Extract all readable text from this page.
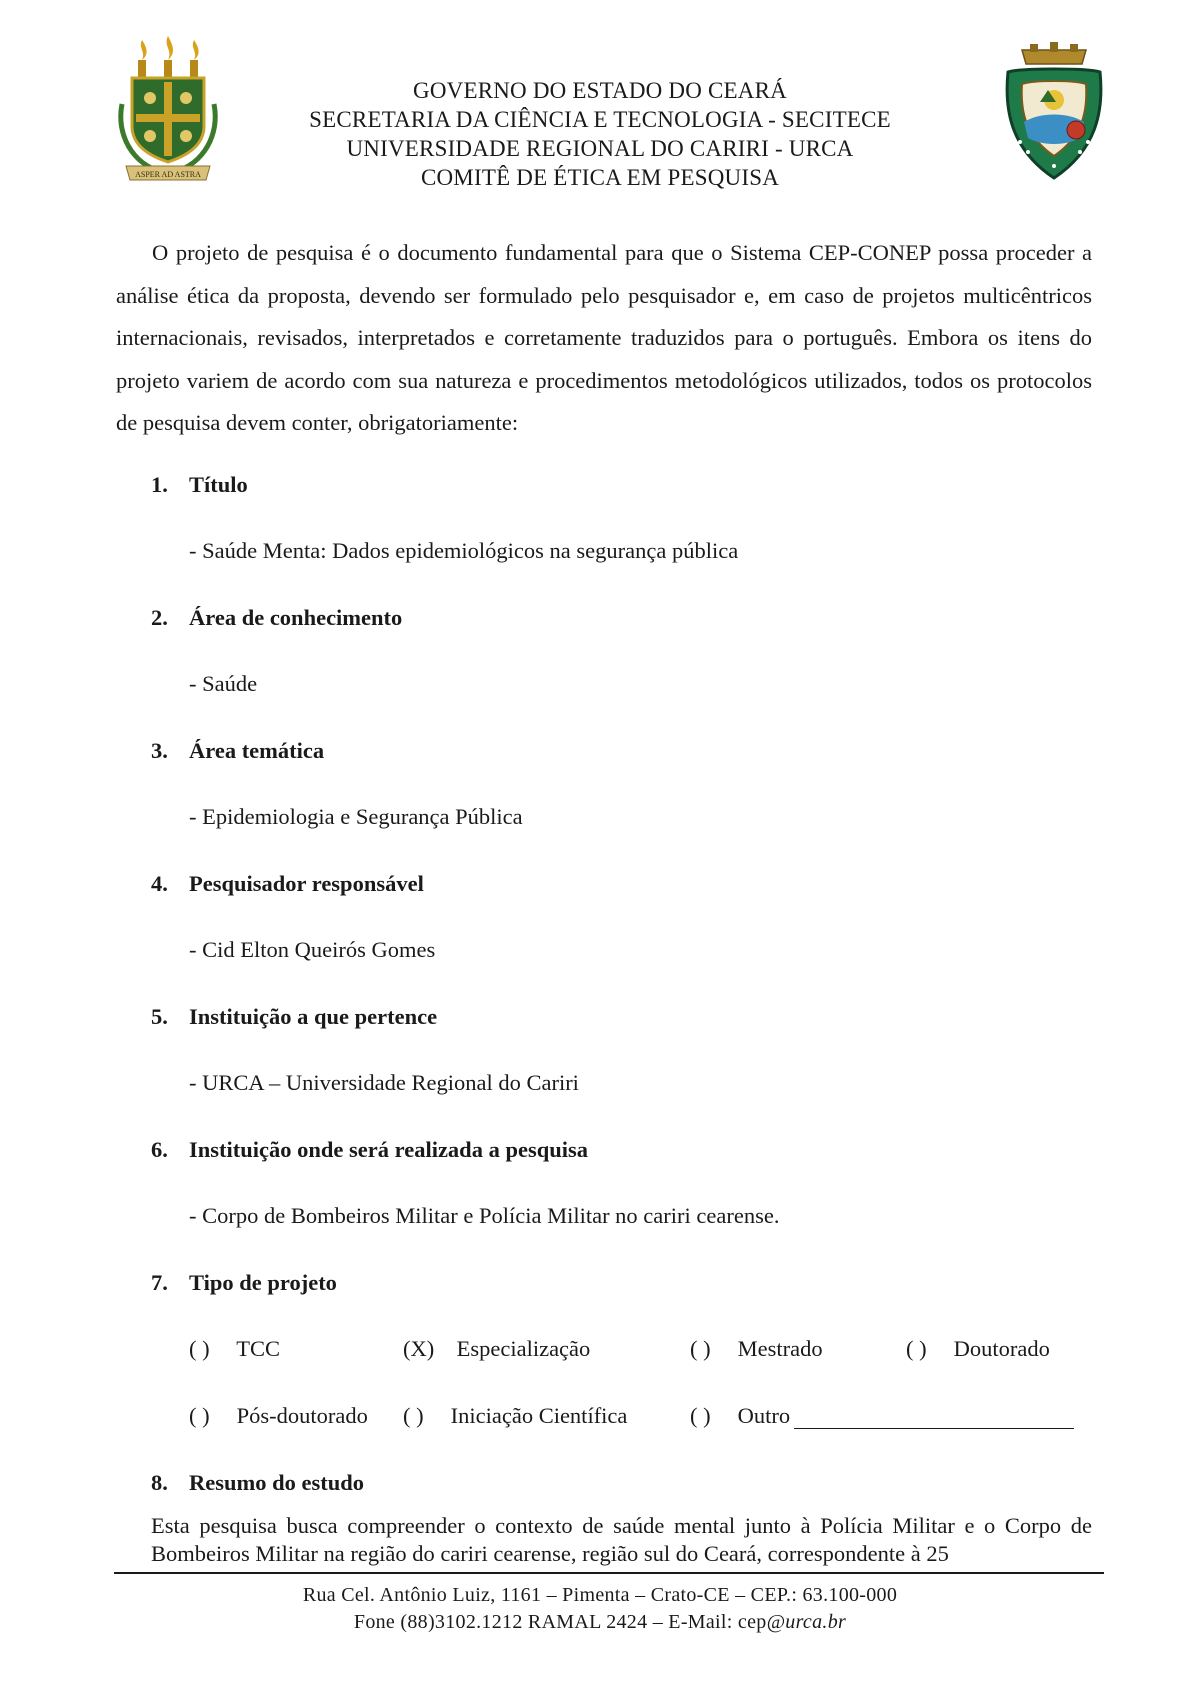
ASPER AD ASTRA
GOVERNO DO ESTADO DO CEARÁ
SECRETARIA DA CIÊNCIA E TECNOLOGIA - SECITECE
UNIVERSIDADE REGIONAL DO CARIRI - URCA
COMITÊ DE ÉTICA EM PESQUISA

O projeto de pesquisa é o documento fundamental para que o Sistema CEP-CONEP possa proceder a análise ética da proposta, devendo ser formulado pelo pesquisador e, em caso de projetos multicêntricos internacionais, revisados, interpretados e corretamente traduzidos para o português. Embora os itens do projeto variem de acordo com sua natureza e procedimentos metodológicos utilizados, todos os protocolos de pesquisa devem conter, obrigatoriamente:

1. Título
- Saúde Menta: Dados epidemiológicos na segurança pública
2. Área de conhecimento
- Saúde
3. Área temática
- Epidemiologia e Segurança Pública
4. Pesquisador responsável
- Cid Elton Queirós Gomes
5. Instituição a que pertence
- URCA – Universidade Regional do Cariri
6. Instituição onde será realizada a pesquisa
- Corpo de Bombeiros Militar e Polícia Militar no cariri cearense.
7. Tipo de projeto
( ) TCC	(X) Especialização	( ) Mestrado	( ) Doutorado
( ) Pós-doutorado ( ) Iniciação Científica	( ) Outro
8. Resumo do estudo

Esta pesquisa busca compreender o contexto de saúde mental junto à Polícia Militar e o Corpo de Bombeiros Militar na região do cariri cearense, região sul do Ceará, correspondente à 25

Rua Cel. Antônio Luiz, 1161 – Pimenta – Crato-CE – CEP.: 63.100-000
Fone (88)3102.1212 RAMAL 2424 – E-Mail: cep@urca.br
